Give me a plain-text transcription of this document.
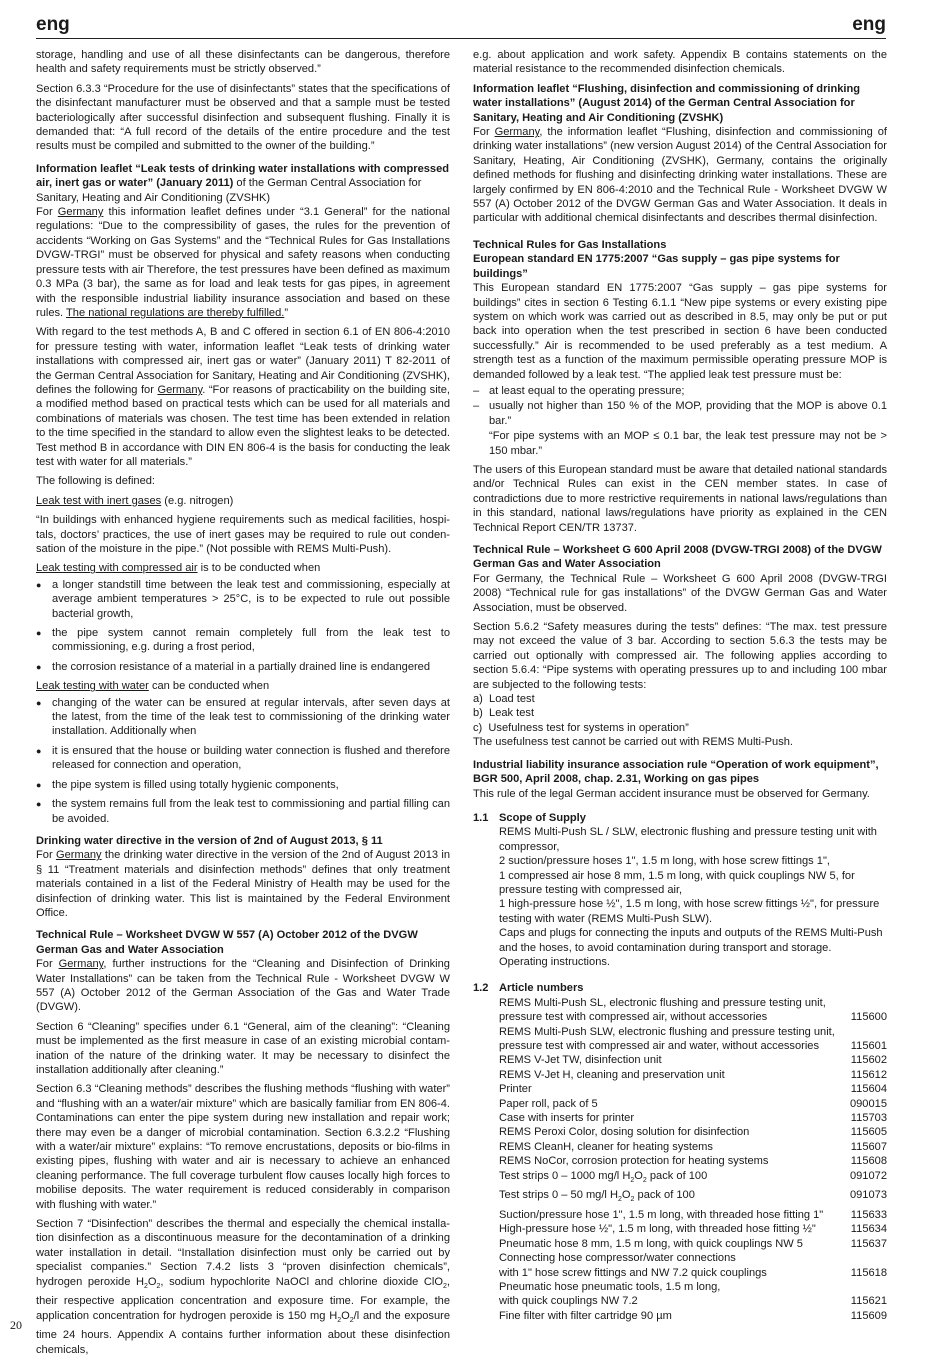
eng	eng

storage, handling and use of all these disinfectants can be dangerous, therefore health and safety requirements must be strictly observed.”

Section 6.3.3 “Procedure for the use of disinfectants” states that the specifications of the disinfectant manufacturer must be observed and that a sample must be tested bacteriologically after successful disinfection and subsequent flushing. Finally it is demanded that: “A full record of the details of the entire procedure and the test results must be compiled and submitted to the owner of the building.”

Information leaflet “Leak tests of drinking water installations with compressed air, inert gas or water” (January 2011) of the German Central Association for Sanitary, Heating and Air Conditioning (ZVSHK)

For Germany this information leaflet defines under “3.1 General” for the national regulations: “Due to the compressibility of gases, the rules for the prevention of accidents “Working on Gas Systems” and the “Technical Rules for Gas Installations DVGW-TRGI” must be observed for physical and safety reasons when conducting pressure tests with air Therefore, the test pressures have been defined as maximum 0.3 MPa (3 bar), the same as for load and leak tests for gas pipes, in agreement with the responsible industrial liability insurance association and based on these rules. The national regulations are thereby fulfilled.”

With regard to the test methods A, B and C offered in section 6.1 of EN 806-4:2010 for pressure testing with water, information leaflet “Leak tests of drinking water installations with compressed air, inert gas or water” (January 2011) T 82-2011 of the German Central Association for Sanitary, Heating and Air Conditioning (ZVSHK), defines the following for Germany. “For reasons of practicability on the building site, a modified method based on practical tests which can be used for all materials and combinations of materials was chosen. The test time has been extended in relation to the time specified in the standard to allow even the slightest leaks to be detected. Test method B in accordance with DIN EN 806-4 is the basis for conducting the leak test with water for all materials.”

The following is defined:

Leak test with inert gases (e.g. nitrogen)

“In buildings with enhanced hygiene requirements such as medical facilities, hospitals, doctors’ practices, the use of inert gases may be required to rule out condensation of the moisture in the pipe.” (Not possible with REMS Multi-Push).

Leak testing with compressed air is to be conducted when

● a longer standstill time between the leak test and commissioning, especially at average ambient temperatures > 25°C, is to be expected to rule out possible bacterial growth,
● the pipe system cannot remain completely full from the leak test to commissioning, e.g. during a frost period,
● the corrosion resistance of a material in a partially drained line is endangered

Leak testing with water can be conducted when

● changing of the water can be ensured at regular intervals, after seven days at the latest, from the time of the leak test to commissioning of the drinking water installation. Additionally when
● it is ensured that the house or building water connection is flushed and therefore released for connection and operation,
● the pipe system is filled using totally hygienic components,
● the system remains full from the leak test to commissioning and partial filling can be avoided.
Drinking water directive in the version of 2nd of August 2013, § 11

For Germany the drinking water directive in the version of the 2nd of August 2013 in § 11 “Treatment materials and disinfection methods” defines that only treatment materials contained in a list of the Federal Ministry of Health may be used for the disinfection of drinking water. This list is maintained by the Federal Environment Office.

Technical Rule – Worksheet DVGW W 557 (A) October 2012 of the DVGW German Gas and Water Association

For Germany, further instructions for the “Cleaning and Disinfection of Drinking Water Installations” can be taken from the Technical Rule - Worksheet DVGW W 557 (A) October 2012 of the German Association of the Gas and Water Trade (DVGW).

Section 6 “Cleaning” specifies under 6.1 “General, aim of the cleaning”: “Cleaning must be implemented as the first measure in case of an existing microbial contamination of the nature of the drinking water. It may be necessary to disinfect the installation additionally after cleaning.”

Section 6.3 “Cleaning methods” describes the flushing methods “flushing with water” and “flushing with an a water/air mixture” which are basically familiar from EN 806-4. Contaminations can enter the pipe system during new installation and repair work; there may even be a danger of microbial contamination. Section 6.3.2.2 “Flushing with a water/air mixture” explains: “To remove encrustations, deposits or bio-films in existing pipes, flushing with water and air is necessary to achieve an enhanced cleaning performance. The full coverage turbulent flow causes locally high forces to mobilise deposits. The water requirement is reduced considerably in comparison with flushing with water.”

Section 7 “Disinfection” describes the thermal and especially the chemical installation disinfection as a discontinuous measure for the decontamination of a drinking water installation in detail. “Installation disinfection must only be carried out by specialist companies.” Section 7.4.2 lists 3 “proven disinfection chemicals”, hydrogen peroxide $H_2O_2$, sodium hypochlorite NaOCl and chlorine dioxide ClO$_2$, their respective application concentration and exposure time. For example, the application concentration for hydrogen peroxide is 150 mg $H_2O_2/l$ and the exposure time 24 hours. Appendix A contains further information about these disinfection chemicals,

e.g. about application and work safety. Appendix B contains statements on the material resistance to the recommended disinfection chemicals.

Information leaflet “Flushing, disinfection and commissioning of drinking water installations” (August 2014) of the German Central Association for Sanitary, Heating and Air Conditioning (ZVSHK)

For Germany, the information leaflet “Flushing, disinfection and commissioning of drinking water installations” (new version August 2014) of the Central Association for Sanitary, Heating, Air Conditioning (ZVSHK), Germany, contains the originally defined methods for flushing and disinfecting drinking water installations. These are largely confirmed by EN 806-4:2010 and the Technical Rule - Worksheet DVGW W 557 (A) October 2012 of the DVGW German Gas and Water Association. It deals in particular with additional chemical disinfectants and describes thermal disinfection.

Technical Rules for Gas Installations
European standard EN 1775:2007 “Gas supply – gas pipe systems for buildings”

This European standard EN 1775:2007 “Gas supply – gas pipe systems for buildings” cites in section 6 Testing 6.1.1 “New pipe systems or every existing pipe system on which work was carried out as described in 8.5, may only be put or put back into operation when the test prescribed in section 6 have been conducted successfully.” Air is recommended to be used preferably as a test medium. A strength test as a function of the maximum permissible operating pressure MOP is demanded followed by a leak test. “The applied leak test pressure must be:

– at least equal to the operating pressure;
– usually not higher than 150 % of the MOP, providing that the MOP is above 0.1 bar.”

“For pipe systems with an MOP ≤ 0.1 bar, the leak test pressure may not be > 150 mbar.”

The users of this European standard must be aware that detailed national standards and/or Technical Rules can exist in the CEN member states. In case of contradictions due to more restrictive requirements in national laws/regulations than in this standard, national laws/regulations have priority as explained in the CEN Technical Report CEN/TR 13737.

Technical Rule – Worksheet G 600 April 2008 (DVGW-TRGI 2008) of the DVGW German Gas and Water Association

For Germany, the Technical Rule – Worksheet G 600 April 2008 (DVGW-TRGI 2008) “Technical rule for gas installations” of the DVGW German Gas and Water Association, must be observed.

Section 5.6.2 “Safety measures during the tests” defines: “The max. test pressure may not exceed the value of 3 bar. According to section 5.6.3 the tests may be carried out optionally with compressed air. The following applies according to section 5.6.4: “Pipe systems with operating pressures up to and including 100 mbar are subjected to the following tests:

a)  Load test
b)  Leak test
c)  Usefulness test for systems in operation”

The usefulness test cannot be carried out with REMS Multi-Push.

Industrial liability insurance association rule “Operation of work equipment”, BGR 500, April 2008, chap. 2.31, Working on gas pipes

This rule of the legal German accident insurance must be observed for Germany.

1.1 Scope of Supply
REMS Multi-Push SL / SLW, electronic flushing and pressure testing unit with compressor,
2 suction/pressure hoses 1", 1.5 m long, with hose screw fittings 1",
1 compressed air hose 8 mm, 1.5 m long, with quick couplings NW 5, for pressure testing with compressed air,
1 high-pressure hose ½", 1.5 m long, with hose screw fittings ½", for pressure testing with water (REMS Multi-Push SLW).
Caps and plugs for connecting the inputs and outputs of the REMS Multi-Push and the hoses, to avoid contamination during transport and storage.
Operating instructions.
1.2 Article numbers
REMS Multi-Push SL, electronic flushing and pressure testing unit,
pressure test with compressed air, without accessories	115600
REMS Multi-Push SLW, electronic flushing and pressure testing unit,
pressure test with compressed air and water, without accessories	115601
REMS V-Jet TW, disinfection unit	115602
REMS V-Jet H, cleaning and preservation unit	115612
Printer	115604
Paper roll, pack of 5	090015
Case with inserts for printer	115703
REMS Peroxi Color, dosing solution for disinfection	115605
REMS CleanH, cleaner for heating systems	115607
REMS NoCor, corrosion protection for heating systems	115608
Test strips 0 – 1000 mg/l $H_2O_2$ pack of 100	091072
Test strips 0 – 50 mg/l $H_2O_2$ pack of 100	091073
Suction/pressure hose 1", 1.5 m long, with threaded hose fitting 1"	115633
High-pressure hose ½", 1.5 m long, with threaded hose fitting ½"	115634
Pneumatic hose 8 mm, 1.5 m long, with quick couplings NW 5	115637
Connecting hose compressor/water connections
with 1" hose screw fittings and NW 7.2 quick couplings	115618
Pneumatic hose pneumatic tools, 1.5 m long,
with quick couplings NW 7.2	115621
Fine filter with filter cartridge 90 µm	115609
20
